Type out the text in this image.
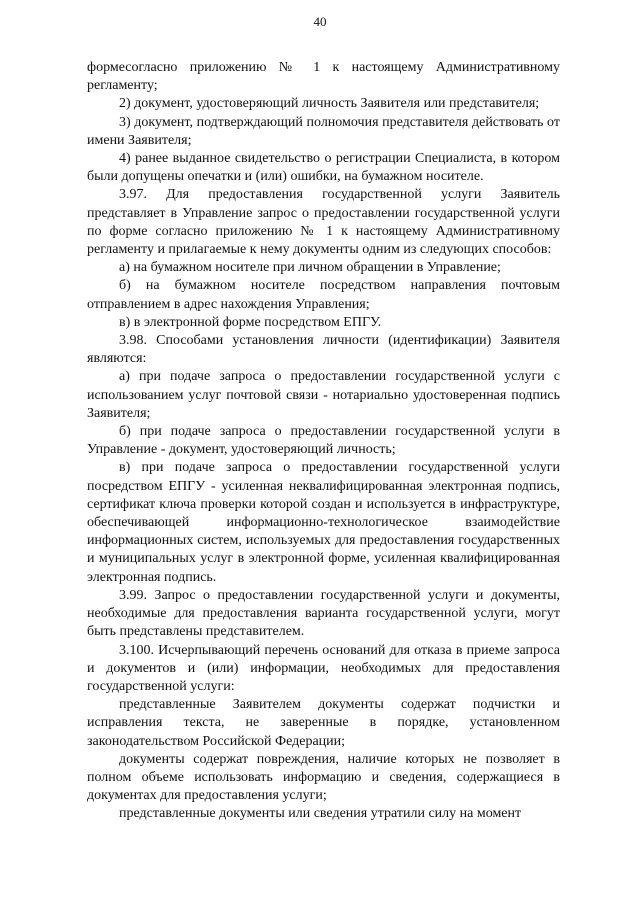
40

формесогласно приложению № 1 к настоящему Административному регламенту;

2) документ, удостоверяющий личность Заявителя или представителя;

3) документ, подтверждающий полномочия представителя действовать от имени Заявителя;

4) ранее выданное свидетельство о регистрации Специалиста, в котором были допущены опечатки и (или) ошибки, на бумажном носителе.

3.97. Для предоставления государственной услуги Заявитель представляет в Управление запрос о предоставлении государственной услуги по форме согласно приложению № 1 к настоящему Административному регламенту и прилагаемые к нему документы одним из следующих способов:

а) на бумажном носителе при личном обращении в Управление;

б) на бумажном носителе посредством направления почтовым отправлением в адрес нахождения Управления;

в) в электронной форме посредством ЕПГУ.

3.98. Способами установления личности (идентификации) Заявителя являются:

а) при подаче запроса о предоставлении государственной услуги с использованием услуг почтовой связи - нотариально удостоверенная подпись Заявителя;

б) при подаче запроса о предоставлении государственной услуги в Управление - документ, удостоверяющий личность;

в) при подаче запроса о предоставлении государственной услуги посредством ЕПГУ - усиленная неквалифицированная электронная подпись, сертификат ключа проверки которой создан и используется в инфраструктуре, обеспечивающей информационно-технологическое взаимодействие информационных систем, используемых для предоставления государственных и муниципальных услуг в электронной форме, усиленная квалифицированная электронная подпись.

3.99. Запрос о предоставлении государственной услуги и документы, необходимые для предоставления варианта государственной услуги, могут быть представлены представителем.

3.100. Исчерпывающий перечень оснований для отказа в приеме запроса и документов и (или) информации, необходимых для предоставления государственной услуги:

представленные Заявителем документы содержат подчистки и исправления текста, не заверенные в порядке, установленном законодательством Российской Федерации;

документы содержат повреждения, наличие которых не позволяет в полном объеме использовать информацию и сведения, содержащиеся в документах для предоставления услуги;

представленные документы или сведения утратили силу на момент
